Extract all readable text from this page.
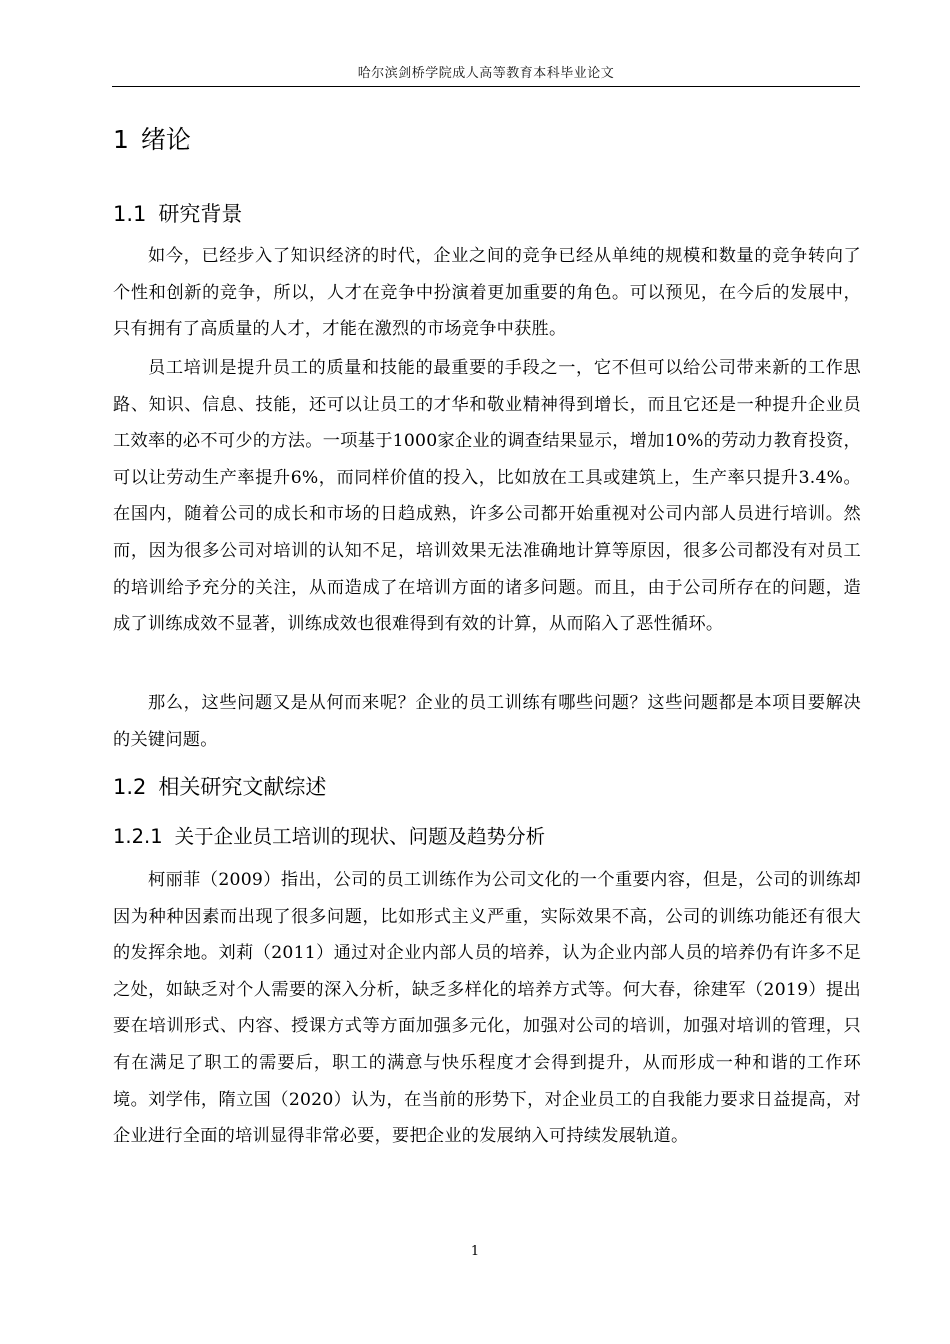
哈尔滨剑桥学院成人高等教育本科毕业论文
1 绪论
1.1 研究背景

如今，已经步入了知识经济的时代，企业之间的竞争已经从单纯的规模和数量的竞争转向了个性和创新的竞争，所以，人才在竞争中扮演着更加重要的角色。可以预见，在今后的发展中，只有拥有了高质量的人才，才能在激烈的市场竞争中获胜。

员工培训是提升员工的质量和技能的最重要的手段之一，它不但可以给公司带来新的工作思路、知识、信息、技能，还可以让员工的才华和敬业精神得到增长，而且它还是一种提升企业员工效率的必不可少的方法。一项基于1000家企业的调查结果显示，增加10%的劳动力教育投资，可以让劳动生产率提升6%，而同样价值的投入，比如放在工具或建筑上，生产率只提升3.4%。在国内，随着公司的成长和市场的日趋成熟，许多公司都开始重视对公司内部人员进行培训。然而，因为很多公司对培训的认知不足，培训效果无法准确地计算等原因，很多公司都没有对员工的培训给予充分的关注，从而造成了在培训方面的诸多问题。而且，由于公司所存在的问题，造成了训练成效不显著，训练成效也很难得到有效的计算，从而陷入了恶性循环。

那么，这些问题又是从何而来呢？企业的员工训练有哪些问题？这些问题都是本项目要解决的关键问题。

1.2 相关研究文献综述
1.2.1 关于企业员工培训的现状、问题及趋势分析

柯丽菲（2009）指出，公司的员工训练作为公司文化的一个重要内容，但是，公司的训练却因为种种因素而出现了很多问题，比如形式主义严重，实际效果不高，公司的训练功能还有很大的发挥余地。刘莉（2011）通过对企业内部人员的培养，认为企业内部人员的培养仍有许多不足之处，如缺乏对个人需要的深入分析，缺乏多样化的培养方式等。何大春，徐建军（2019）提出要在培训形式、内容、授课方式等方面加强多元化，加强对公司的培训，加强对培训的管理，只有在满足了职工的需要后，职工的满意与快乐程度才会得到提升，从而形成一种和谐的工作环境。刘学伟，隋立国（2020）认为，在当前的形势下，对企业员工的自我能力要求日益提高，对企业进行全面的培训显得非常必要，要把企业的发展纳入可持续发展轨道。

1
